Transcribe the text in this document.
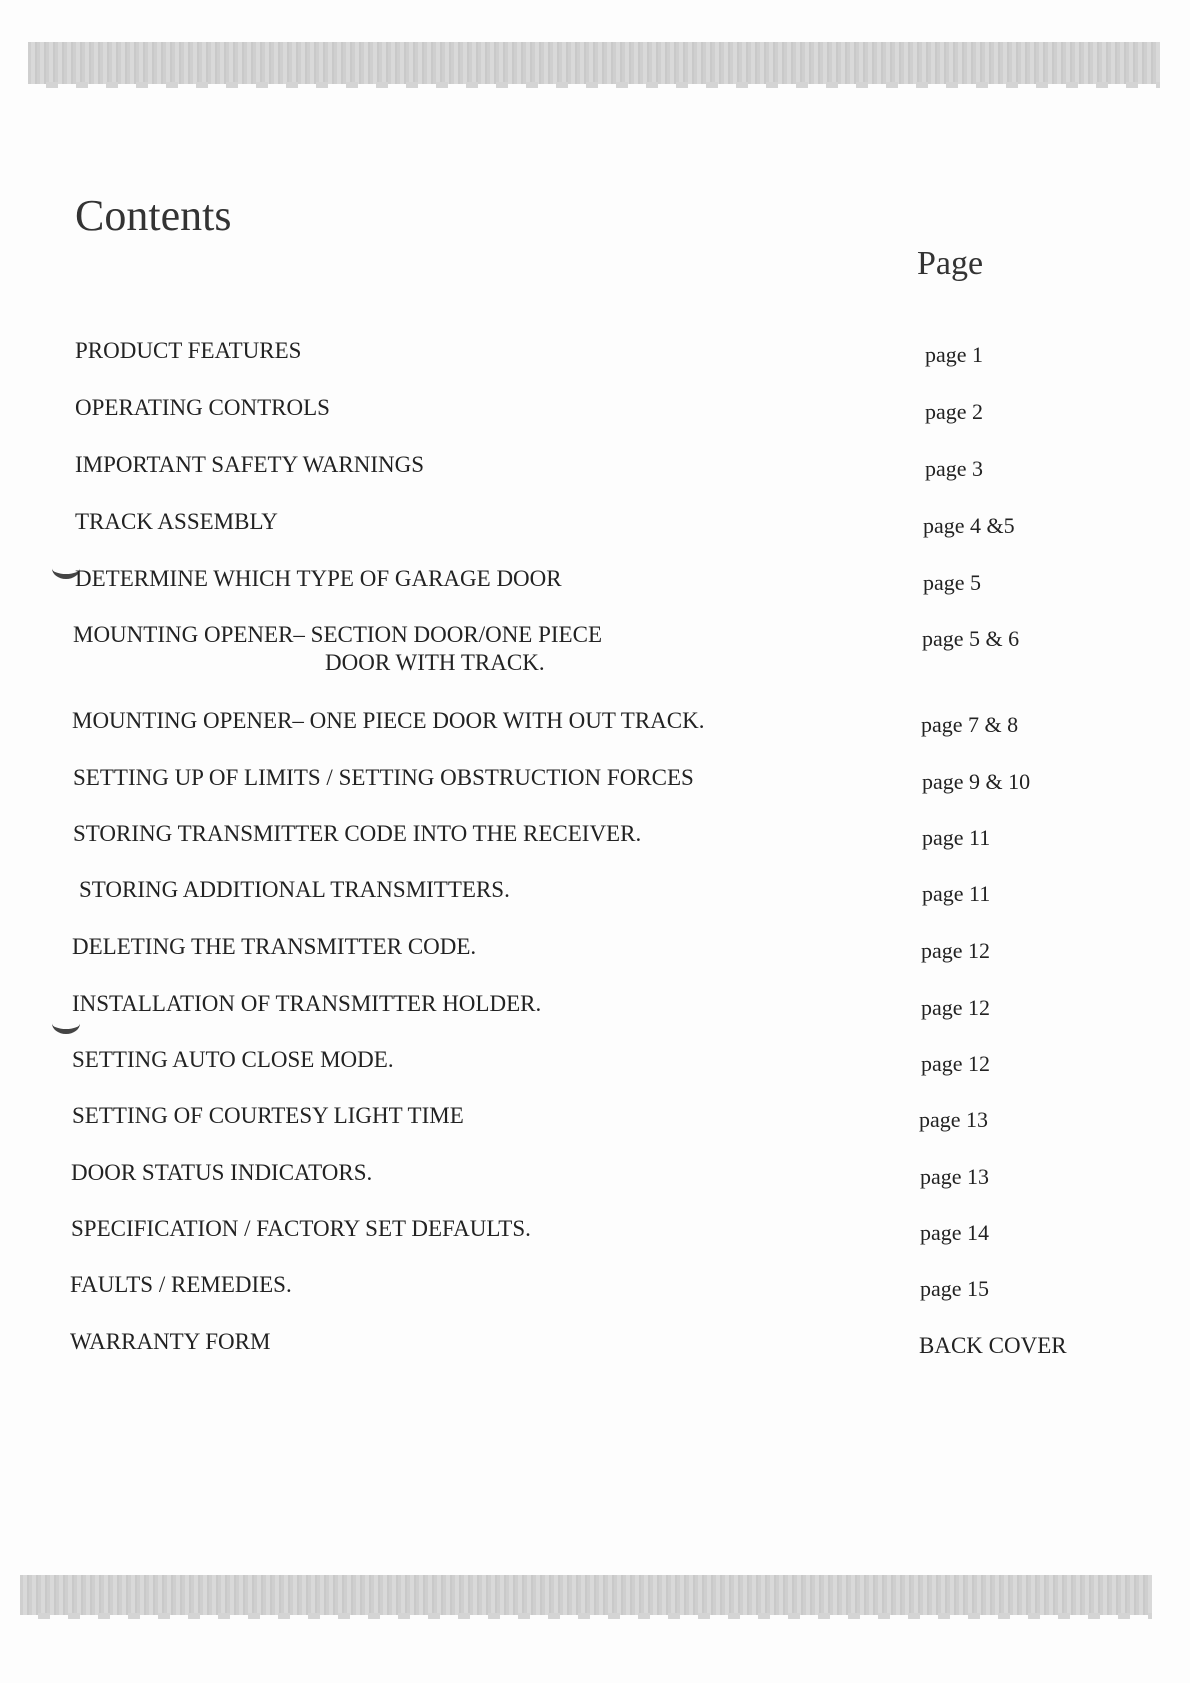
Contents
Page
PRODUCT FEATURES	page 1
OPERATING CONTROLS	page 2
IMPORTANT SAFETY WARNINGS	page 3
TRACK ASSEMBLY	page 4 &5
DETERMINE WHICH TYPE OF GARAGE DOOR	page 5
MOUNTING OPENER– SECTION DOOR/ONE PIECE
DOOR WITH TRACK.
page 5 & 6
MOUNTING OPENER– ONE PIECE DOOR WITH OUT TRACK.	page 7 & 8
SETTING UP OF LIMITS / SETTING OBSTRUCTION FORCES	page 9 & 10
STORING TRANSMITTER CODE INTO THE RECEIVER.	page 11
STORING ADDITIONAL TRANSMITTERS.	page 11
DELETING THE TRANSMITTER CODE.	page 12
INSTALLATION OF TRANSMITTER HOLDER.	page 12
SETTING AUTO CLOSE MODE.	page 12
SETTING OF COURTESY LIGHT TIME	page 13
DOOR STATUS INDICATORS.	page 13
SPECIFICATION / FACTORY SET DEFAULTS.	page 14
FAULTS / REMEDIES.	page 15
WARRANTY FORM	BACK COVER
